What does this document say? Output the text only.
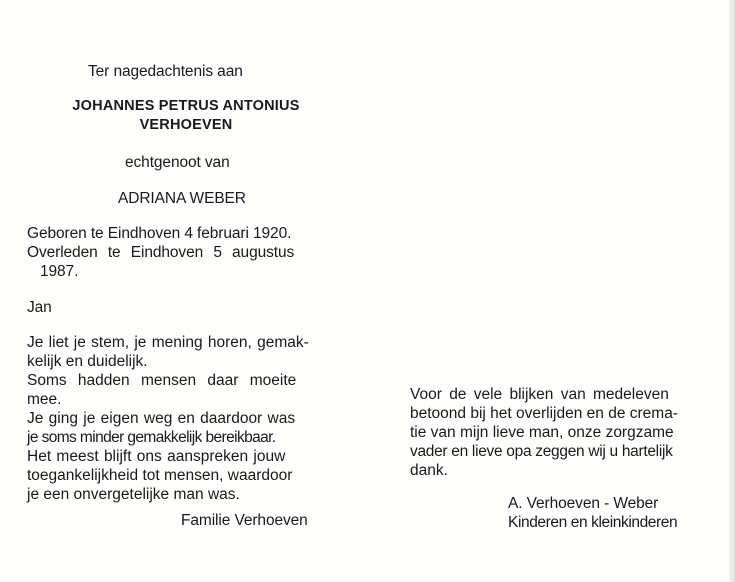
Ter nagedachtenis aan
JOHANNES PETRUS ANTONIUS
VERHOEVEN
echtgenoot van
ADRIANA WEBER
Geboren te Eindhoven 4 februari 1920.
Overleden te Eindhoven 5 augustus
1987.
Jan
Je liet je stem, je mening horen, gemak-
kelijk en duidelijk.
Soms hadden mensen daar moeite
mee.
Je ging je eigen weg en daardoor was
je soms minder gemakkelijk bereikbaar.
Het meest blijft ons aanspreken jouw
toegankelijkheid tot mensen, waardoor
je een onvergetelijke man was.
Familie Verhoeven
Voor de vele blijken van medeleven
betoond bij het overlijden en de crema-
tie van mijn lieve man, onze zorgzame
vader en lieve opa zeggen wij u hartelijk
dank.
A. Verhoeven - Weber
Kinderen en kleinkinderen
